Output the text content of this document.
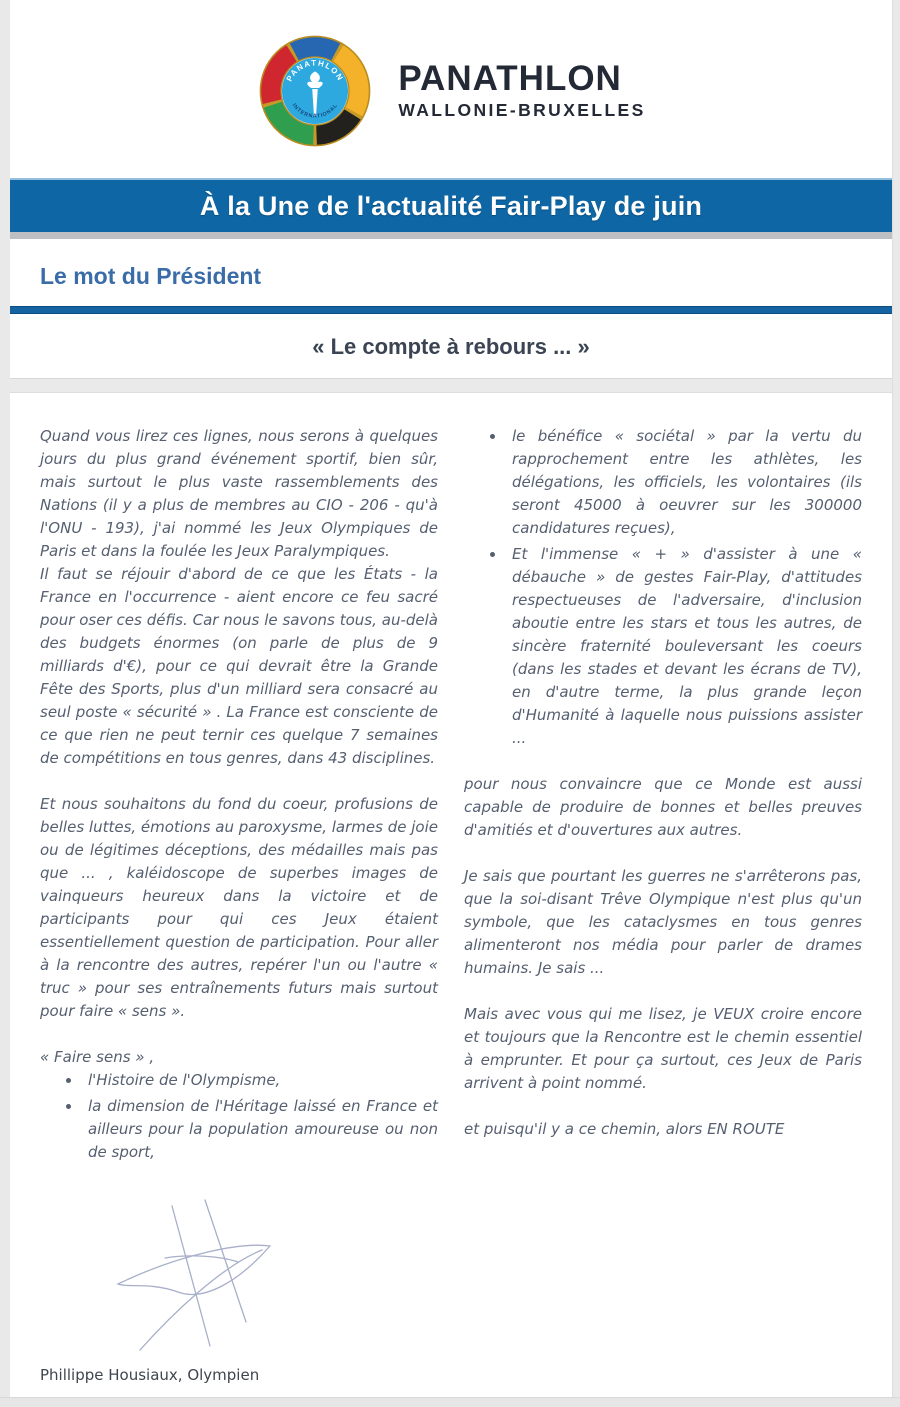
PANATHLON
INTERNATIONAL
PANATHLON
WALLONIE-BRUXELLES
À la Une de l'actualité Fair-Play de juin
Le mot du Président
« Le compte à rebours ... »

Quand vous lirez ces lignes, nous serons à quelques jours du plus grand événement sportif, bien sûr, mais surtout le plus vaste rassemblements des Nations (il y a plus de membres au CIO - 206 - qu'à l'ONU - 193), j'ai nommé les Jeux Olympiques de Paris et dans la foulée les Jeux Paralympiques.

Il faut se réjouir d'abord de ce que les États - la France en l'occurrence - aient encore ce feu sacré pour oser ces défis. Car nous le savons tous, au-delà des budgets énormes (on parle de plus de 9 milliards d'€), pour ce qui devrait être la Grande Fête des Sports, plus d'un milliard sera consacré au seul poste « sécurité » . La France est consciente de ce que rien ne peut ternir ces quelque 7 semaines de compétitions en tous genres, dans 43 disciplines.

Et nous souhaitons du fond du coeur, profusions de belles luttes, émotions au paroxysme, larmes de joie ou de légitimes déceptions, des médailles mais pas que ... , kaléidoscope de superbes images de vainqueurs heureux dans la victoire et de participants pour qui ces Jeux étaient essentiellement question de participation. Pour aller à la rencontre des autres, repérer l'un ou l'autre « truc » pour ses entraînements futurs mais surtout pour faire « sens ».

« Faire sens » ,

• l'Histoire de l'Olympisme,
• la dimension de l'Héritage laissé en France et ailleurs pour la population amoureuse ou non de sport,
• le bénéfice « sociétal » par la vertu du rapprochement entre les athlètes, les délégations, les officiels, les volontaires (ils seront 45000 à oeuvrer sur les 300000 candidatures reçues),
• Et l'immense « + » d'assister à une « débauche » de gestes Fair-Play, d'attitudes respectueuses de l'adversaire, d'inclusion aboutie entre les stars et tous les autres, de sincère fraternité bouleversant les coeurs (dans les stades et devant les écrans de TV), en d'autre terme, la plus grande leçon d'Humanité à laquelle nous puissions assister ...

pour nous convaincre que ce Monde est aussi capable de produire de bonnes et belles preuves d'amitiés et d'ouvertures aux autres.

Je sais que pourtant les guerres ne s'arrêterons pas, que la soi-disant Trêve Olympique n'est plus qu'un symbole, que les cataclysmes en tous genres alimenteront nos média pour parler de drames humains. Je sais ...

Mais avec vous qui me lisez, je VEUX croire encore et toujours que la Rencontre est le chemin essentiel à emprunter. Et pour ça surtout, ces Jeux de Paris arrivent à point nommé.

et puisqu'il y a ce chemin, alors EN ROUTE

Phillippe Housiaux, Olympien
